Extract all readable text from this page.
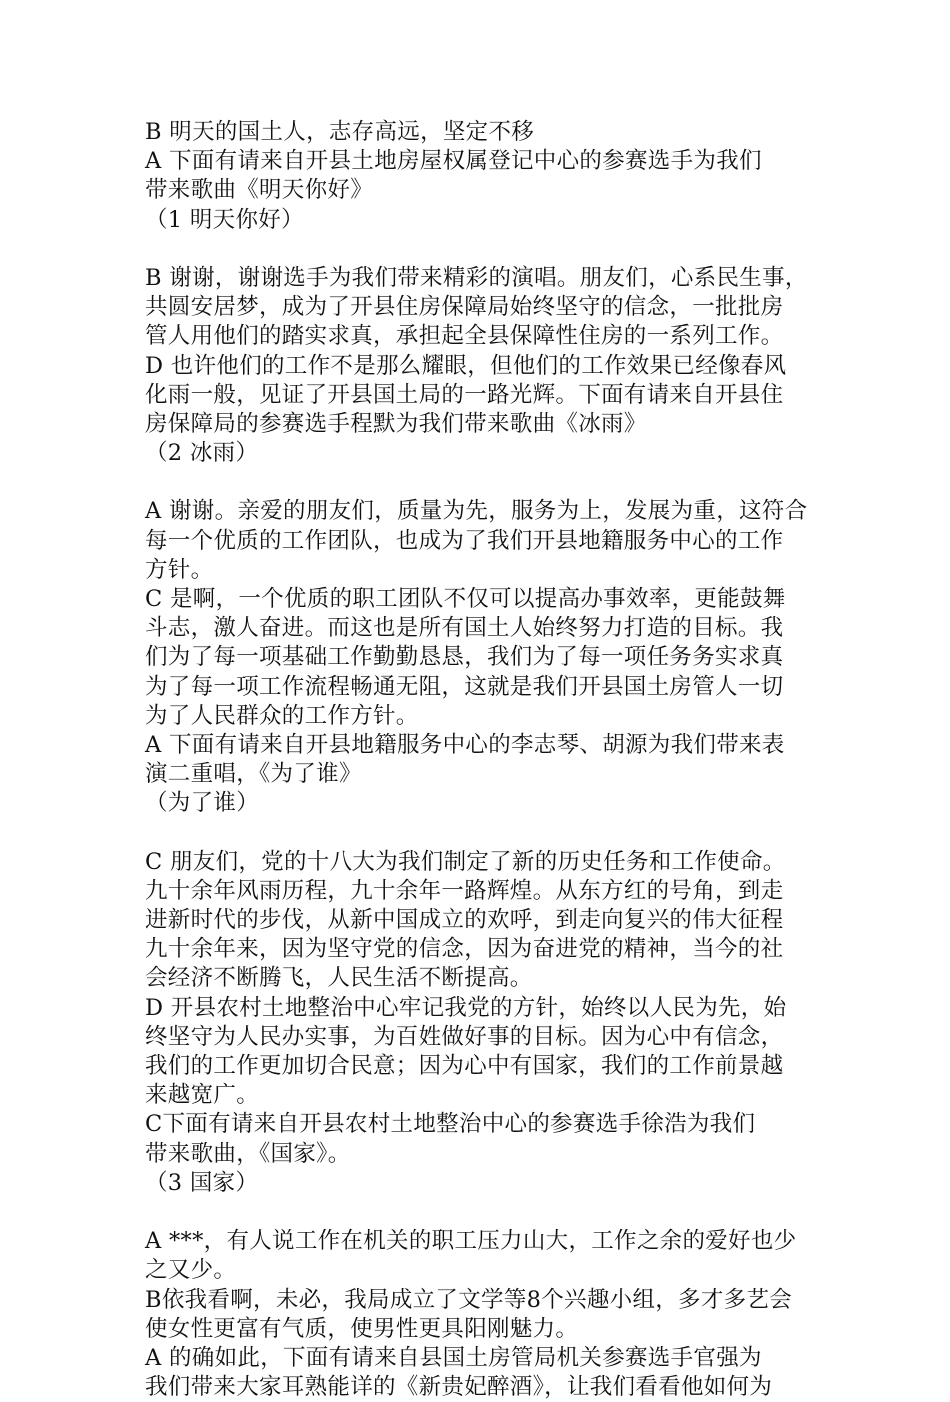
B 明天的国土人，志存高远，坚定不移
A 下面有请来自开县土地房屋权属登记中心的参赛选手为我们
带来歌曲《明天你好》
（1 明天你好）
B 谢谢，谢谢选手为我们带来精彩的演唱。朋友们，心系民生事，
共圆安居梦，成为了开县住房保障局始终坚守的信念，一批批房
管人用他们的踏实求真，承担起全县保障性住房的一系列工作。
D 也许他们的工作不是那么耀眼，但他们的工作效果已经像春风
化雨一般，见证了开县国土局的一路光辉。下面有请来自开县住
房保障局的参赛选手程默为我们带来歌曲《冰雨》
（2 冰雨）
A 谢谢。亲爱的朋友们，质量为先，服务为上，发展为重，这符合
每一个优质的工作团队，也成为了我们开县地籍服务中心的工作
方针。
C 是啊，一个优质的职工团队不仅可以提高办事效率，更能鼓舞
斗志，激人奋进。而这也是所有国土人始终努力打造的目标。我
们为了每一项基础工作勤勤恳恳，我们为了每一项任务务实求真
为了每一项工作流程畅通无阻，这就是我们开县国土房管人一切
为了人民群众的工作方针。
A 下面有请来自开县地籍服务中心的李志琴、胡源为我们带来表
演二重唱，《为了谁》
（为了谁）
C 朋友们，党的十八大为我们制定了新的历史任务和工作使命。
九十余年风雨历程，九十余年一路辉煌。从东方红的号角，到走
进新时代的步伐，从新中国成立的欢呼，到走向复兴的伟大征程
九十余年来，因为坚守党的信念，因为奋进党的精神，当今的社
会经济不断腾飞，人民生活不断提高。
D 开县农村土地整治中心牢记我党的方针，始终以人民为先，始
终坚守为人民办实事，为百姓做好事的目标。因为心中有信念，
我们的工作更加切合民意；因为心中有国家，我们的工作前景越
来越宽广。
C下面有请来自开县农村土地整治中心的参赛选手徐浩为我们
带来歌曲，《国家》。
（3 国家）
A ***，有人说工作在机关的职工压力山大，工作之余的爱好也少
之又少。
B依我看啊，未必，我局成立了文学等8个兴趣小组，多才多艺会
使女性更富有气质，使男性更具阳刚魅力。
A 的确如此，下面有请来自县国土房管局机关参赛选手官强为
我们带来大家耳熟能详的《新贵妃醉酒》，让我们看看他如何为
